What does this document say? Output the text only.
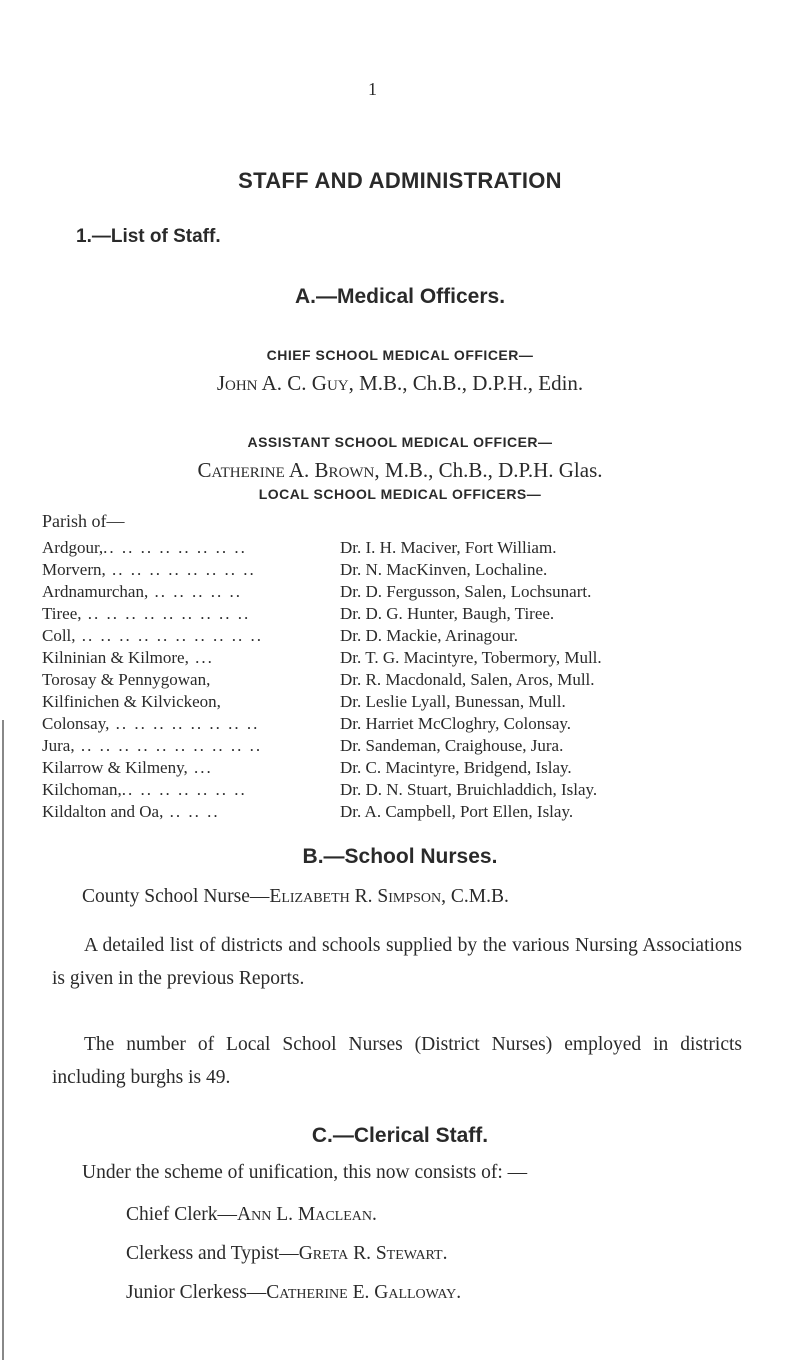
1
STAFF AND ADMINISTRATION
1.—List of Staff.
A.—Medical Officers.
CHIEF SCHOOL MEDICAL OFFICER—
John A. C. Guy, M.B., Ch.B., D.P.H., Edin.
ASSISTANT SCHOOL MEDICAL OFFICER—
Catherine A. Brown, M.B., Ch.B., D.P.H. Glas.
LOCAL SCHOOL MEDICAL OFFICERS—
Parish of—
Ardgour,.. .. .. .. .. .. .. ..	Dr. I. H. Maciver, Fort William.
Morvern, .. .. .. .. .. .. .. ..	Dr. N. MacKinven, Lochaline.
Ardnamurchan, .. .. .. .. ..	Dr. D. Fergusson, Salen, Lochsunart.
Tiree, .. .. .. .. .. .. .. .. ..	Dr. D. G. Hunter, Baugh, Tiree.
Coll, .. .. .. .. .. .. .. .. .. ..	Dr. D. Mackie, Arinagour.
Kilninian & Kilmore, ...	Dr. T. G. Macintyre, Tobermory, Mull.
Torosay & Pennygowan,	Dr. R. Macdonald, Salen, Aros, Mull.
Kilfinichen & Kilvickeon,	Dr. Leslie Lyall, Bunessan, Mull.
Colonsay, .. .. .. .. .. .. .. ..	Dr. Harriet McCloghry, Colonsay.
Jura, .. .. .. .. .. .. .. .. .. ..	Dr. Sandeman, Craighouse, Jura.
Kilarrow & Kilmeny, ...	Dr. C. Macintyre, Bridgend, Islay.
Kilchoman,.. .. .. .. .. .. ..	Dr. D. N. Stuart, Bruichladdich, Islay.
Kildalton and Oa, .. .. ..	Dr. A. Campbell, Port Ellen, Islay.
B.—School Nurses.
County School Nurse—Elizabeth R. Simpson, C.M.B.
A detailed list of districts and schools supplied by the various Nursing Associations is given in the previous Reports.
The number of Local School Nurses (District Nurses) employed in districts including burghs is 49.
C.—Clerical Staff.
Under the scheme of unification, this now consists of: —
Chief Clerk—Ann L. Maclean.
Clerkess and Typist—Greta R. Stewart.
Junior Clerkess—Catherine E. Galloway.
